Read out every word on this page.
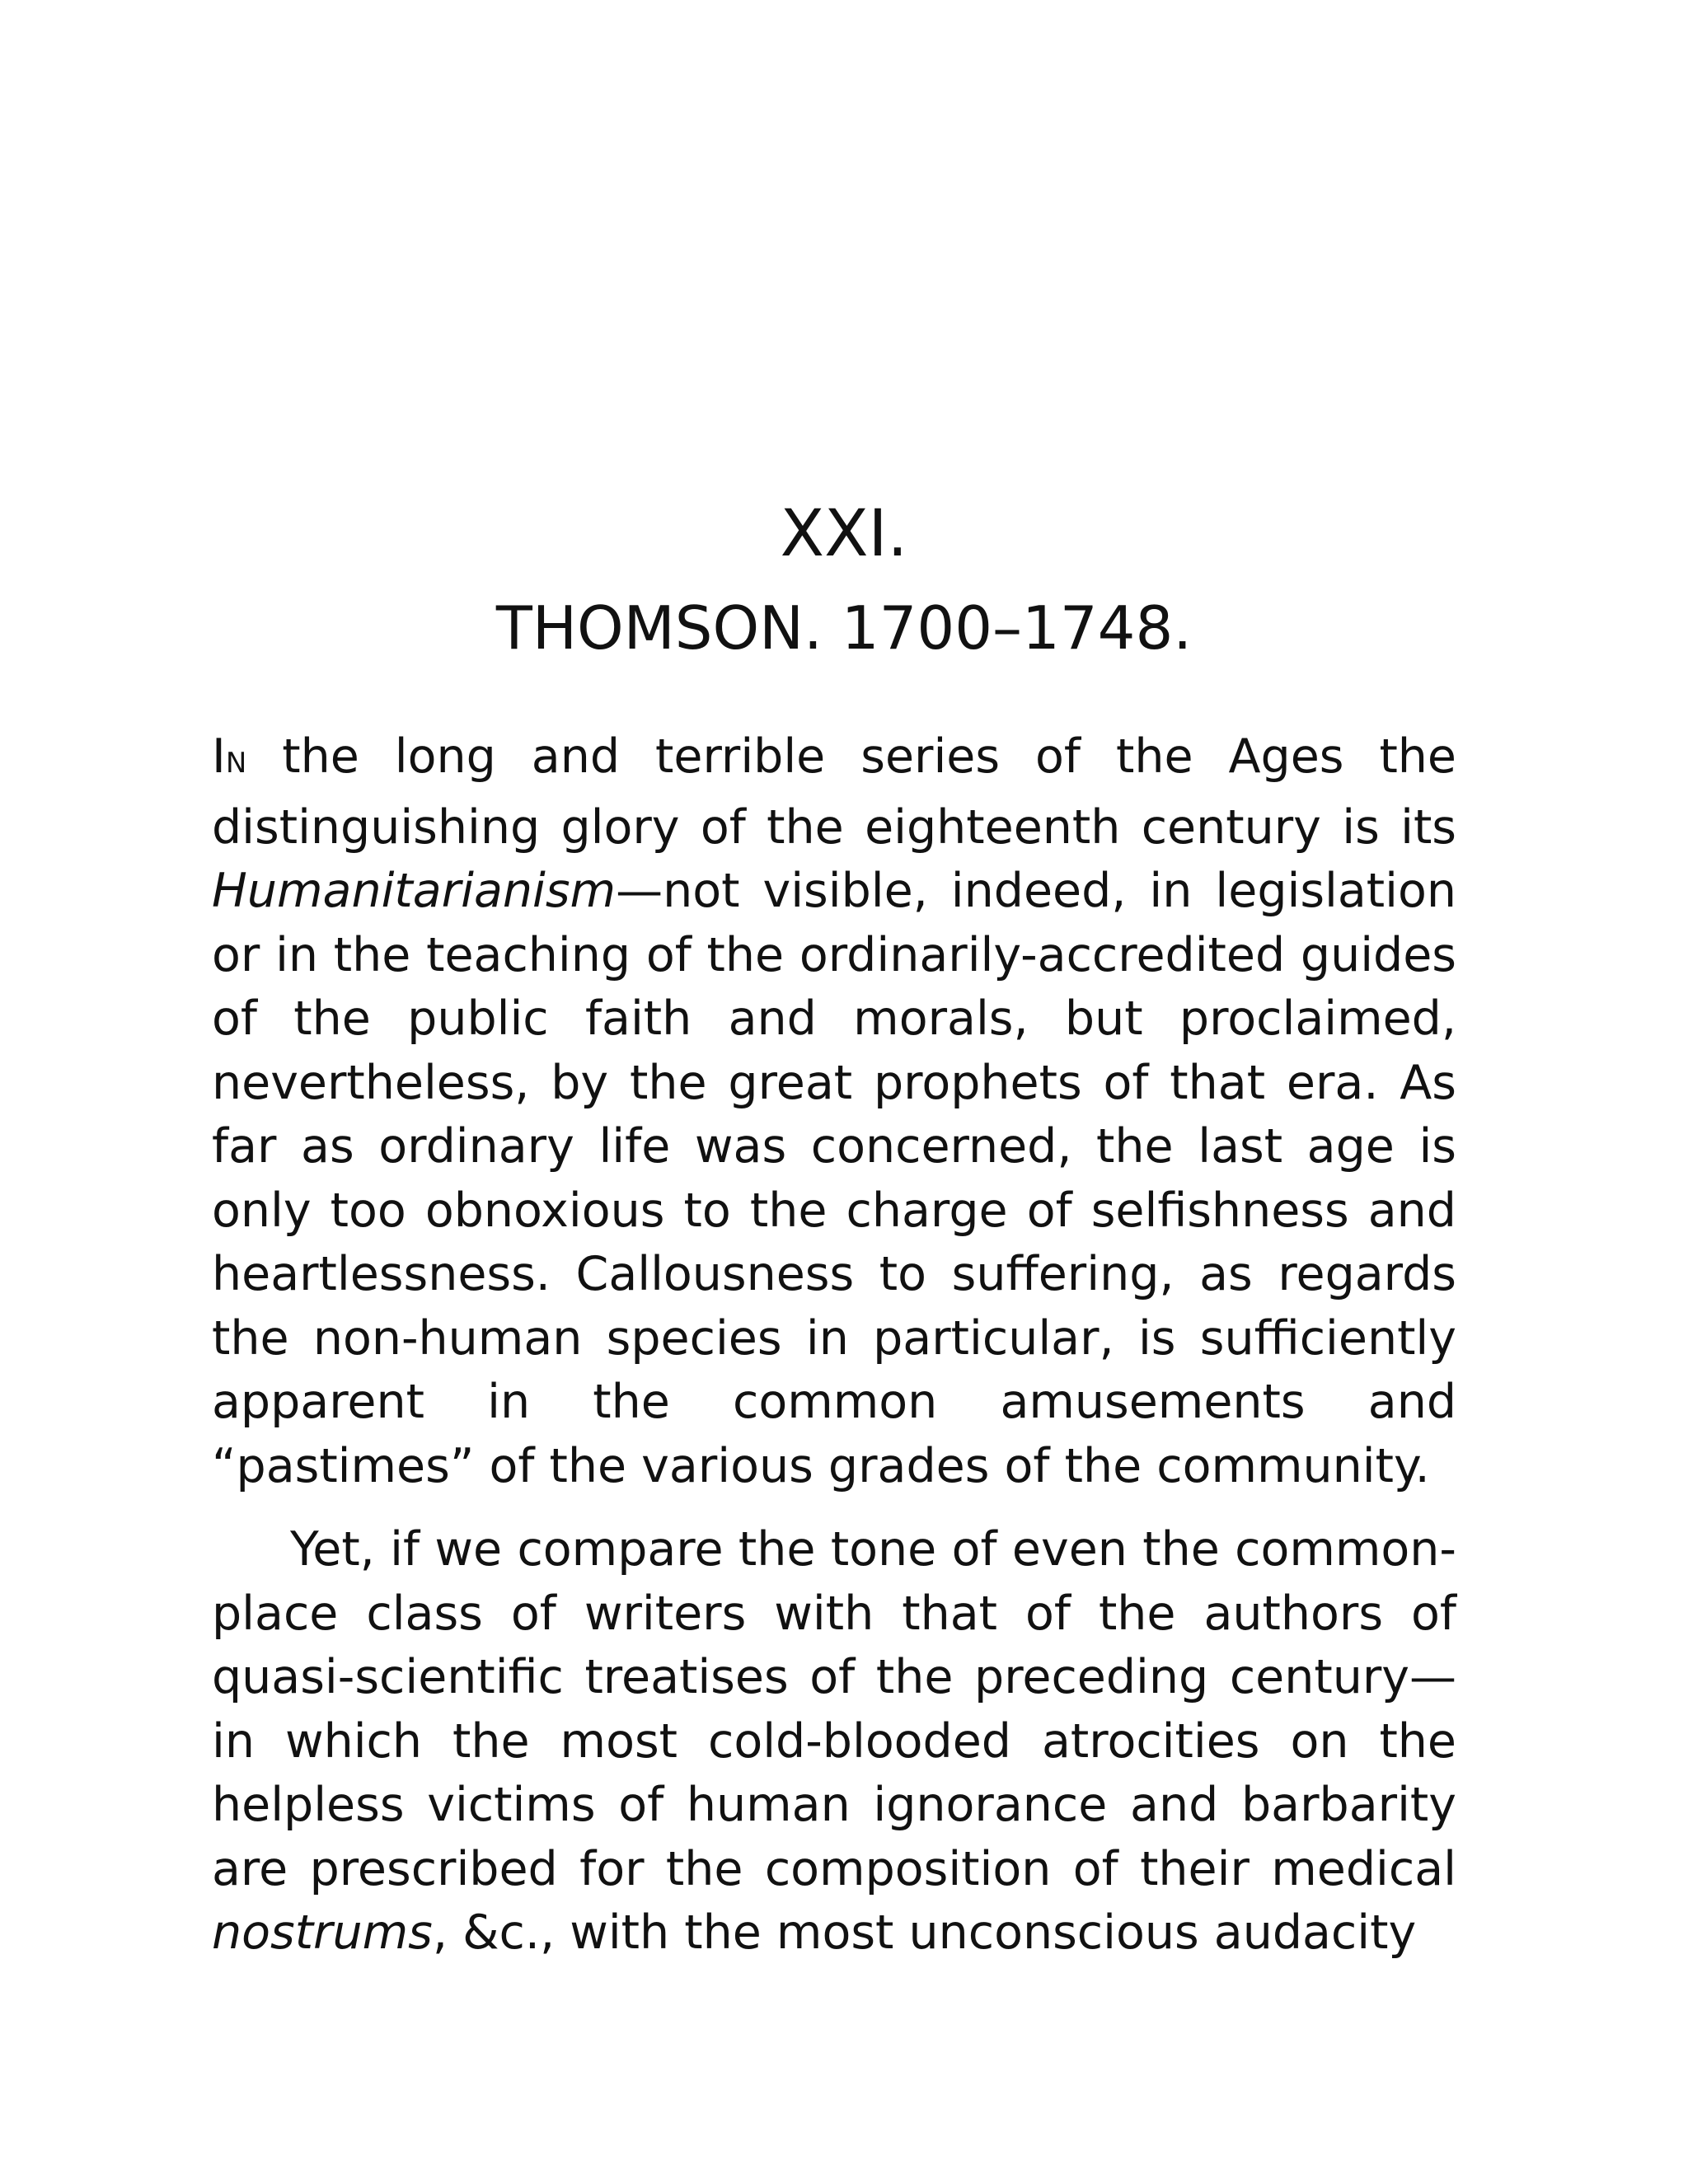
XXI.
THOMSON. 1700–1748.

IN the long and terrible series of the Ages the distinguishing glory of the eighteenth century is its Humanitarianism—not visible, indeed, in legislation or in the teaching of the ordinarily-accredited guides of the public faith and morals, but proclaimed, nevertheless, by the great prophets of that era. As far as ordinary life was concerned, the last age is only too obnoxious to the charge of selfishness and heartlessness. Callousness to suffering, as regards the non-human species in particular, is sufficiently apparent in the common amusements and “pastimes” of the various grades of the community.

Yet, if we compare the tone of even the common-place class of writers with that of the authors of quasi-scientific treatises of the preceding century—in which the most cold-blooded atrocities on the helpless victims of human ignorance and barbarity are prescribed for the composition of their medical nostrums, &c., with the most unconscious audacity
